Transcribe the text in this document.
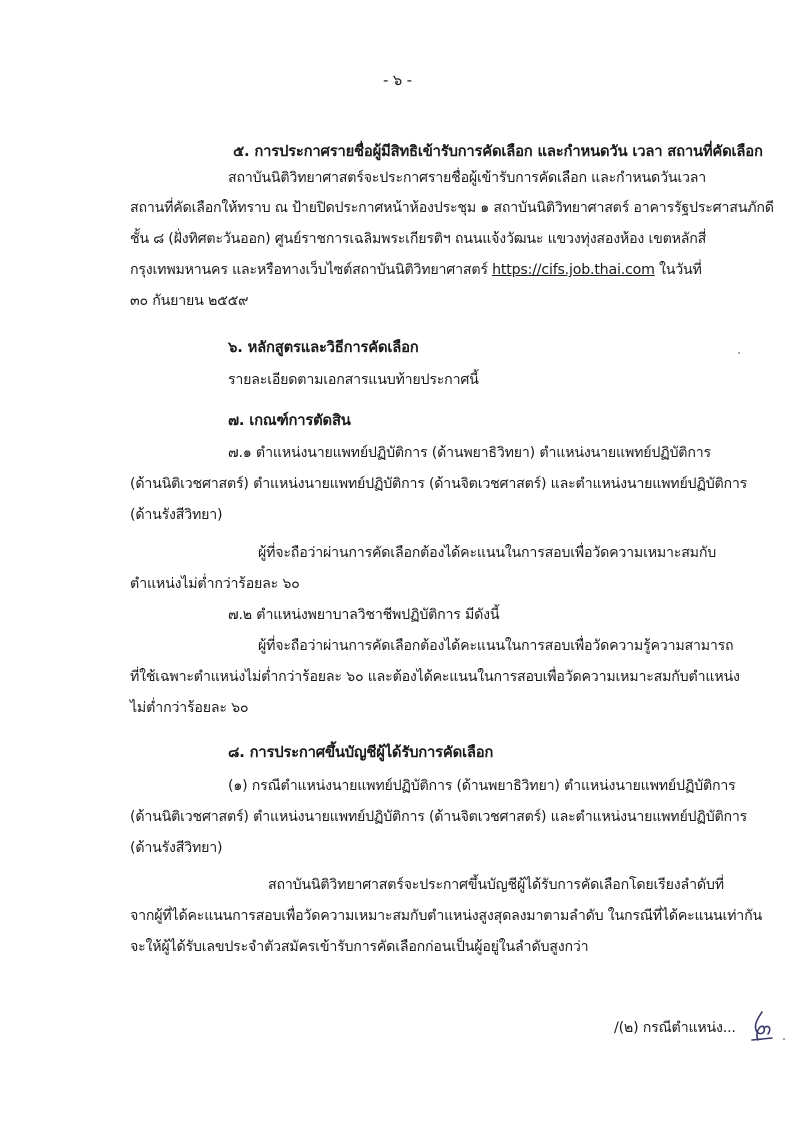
- ๖ -
๕. การประกาศรายชื่อผู้มีสิทธิเข้ารับการคัดเลือก และกำหนดวัน เวลา สถานที่คัดเลือก
สถาบันนิติวิทยาศาสตร์จะประกาศรายชื่อผู้เข้ารับการคัดเลือก และกำหนดวันเวลา
สถานที่คัดเลือกให้ทราบ ณ ป้ายปิดประกาศหน้าห้องประชุม ๑ สถาบันนิติวิทยาศาสตร์ อาคารรัฐประศาสนภักดี
ชั้น ๘ (ฝั่งทิศตะวันออก) ศูนย์ราชการเฉลิมพระเกียรติฯ ถนนแจ้งวัฒนะ แขวงทุ่งสองห้อง เขตหลักสี่
กรุงเทพมหานคร และหรือทางเว็บไซต์สถาบันนิติวิทยาศาสตร์ https://cifs.job.thai.com ในวันที่
๓๐ กันยายน ๒๕๕๙
๖. หลักสูตรและวิธีการคัดเลือก
รายละเอียดตามเอกสารแนบท้ายประกาศนี้
๗. เกณฑ์การตัดสิน
๗.๑ ตำแหน่งนายแพทย์ปฏิบัติการ (ด้านพยาธิวิทยา) ตำแหน่งนายแพทย์ปฏิบัติการ
(ด้านนิติเวชศาสตร์) ตำแหน่งนายแพทย์ปฏิบัติการ (ด้านจิตเวชศาสตร์) และตำแหน่งนายแพทย์ปฏิบัติการ
(ด้านรังสีวิทยา)
ผู้ที่จะถือว่าผ่านการคัดเลือกต้องได้คะแนนในการสอบเพื่อวัดความเหมาะสมกับ
ตำแหน่งไม่ต่ำกว่าร้อยละ ๖๐
๗.๒ ตำแหน่งพยาบาลวิชาชีพปฏิบัติการ มีดังนี้
ผู้ที่จะถือว่าผ่านการคัดเลือกต้องได้คะแนนในการสอบเพื่อวัดความรู้ความสามารถ
ที่ใช้เฉพาะตำแหน่งไม่ต่ำกว่าร้อยละ ๖๐ และต้องได้คะแนนในการสอบเพื่อวัดความเหมาะสมกับตำแหน่ง
ไม่ต่ำกว่าร้อยละ ๖๐
๘. การประกาศขึ้นบัญชีผู้ได้รับการคัดเลือก
(๑) กรณีตำแหน่งนายแพทย์ปฏิบัติการ (ด้านพยาธิวิทยา) ตำแหน่งนายแพทย์ปฏิบัติการ
(ด้านนิติเวชศาสตร์) ตำแหน่งนายแพทย์ปฏิบัติการ (ด้านจิตเวชศาสตร์) และตำแหน่งนายแพทย์ปฏิบัติการ
(ด้านรังสีวิทยา)
สถาบันนิติวิทยาศาสตร์จะประกาศขึ้นบัญชีผู้ได้รับการคัดเลือกโดยเรียงลำดับที่
จากผู้ที่ได้คะแนนการสอบเพื่อวัดความเหมาะสมกับตำแหน่งสูงสุดลงมาตามลำดับ ในกรณีที่ได้คะแนนเท่ากัน
จะให้ผู้ได้รับเลขประจำตัวสมัครเข้ารับการคัดเลือกก่อนเป็นผู้อยู่ในลำดับสูงกว่า
/(๒) กรณีตำแหน่ง...
